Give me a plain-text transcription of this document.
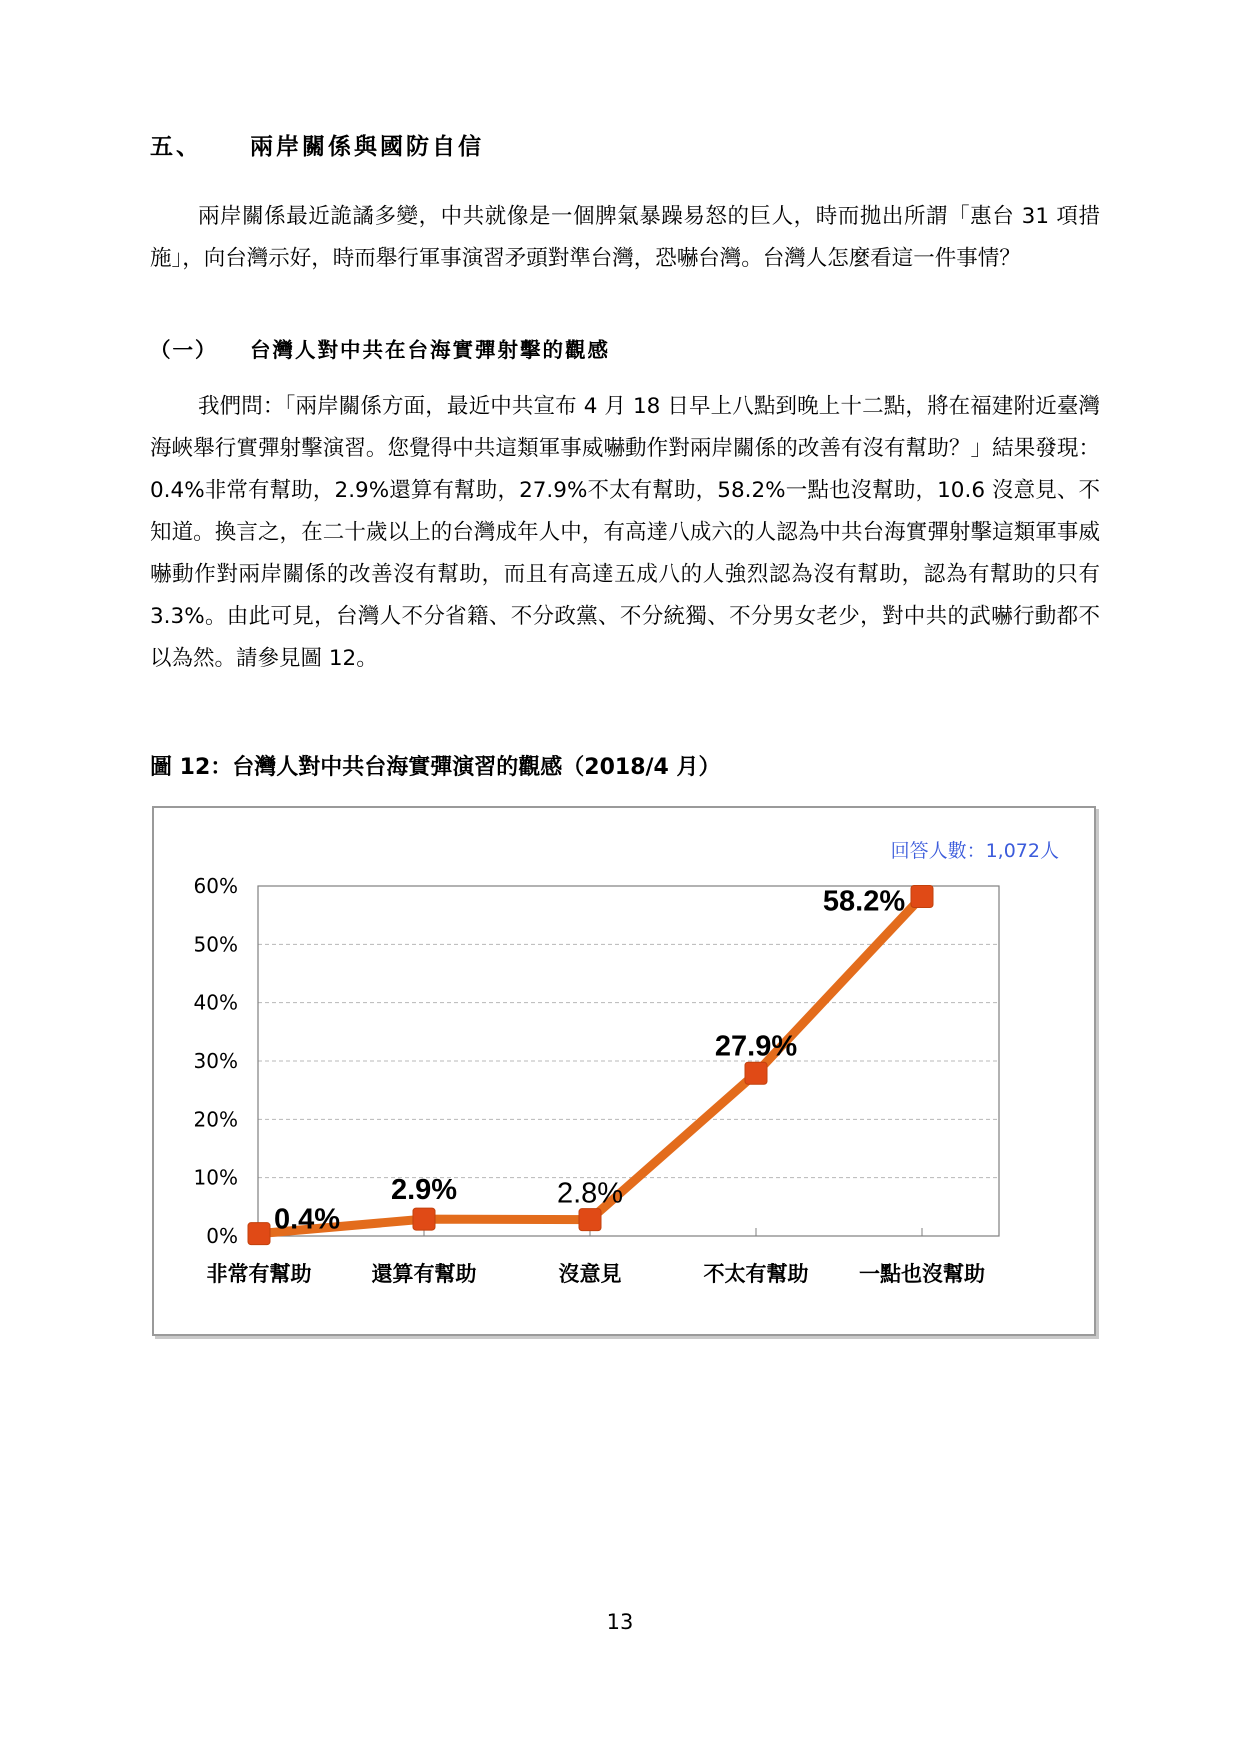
五、 兩岸關係與國防自信

兩岸關係最近詭譎多變，中共就像是一個脾氣暴躁易怒的巨人，時而拋出所謂「惠台 31 項措施」，向台灣示好，時而舉行軍事演習矛頭對準台灣，恐嚇台灣。台灣人怎麼看這一件事情？

（一） 台灣人對中共在台海實彈射擊的觀感

我們問：「兩岸關係方面，最近中共宣布 4 月 18 日早上八點到晚上十二點，將在福建附近臺灣海峽舉行實彈射擊演習。您覺得中共這類軍事威嚇動作對兩岸關係的改善有沒有幫助？」結果發現：0.4%非常有幫助，2.9%還算有幫助，27.9%不太有幫助，58.2%一點也沒幫助，10.6 沒意見、不知道。換言之，在二十歲以上的台灣成年人中，有高達八成六的人認為中共台海實彈射擊這類軍事威嚇動作對兩岸關係的改善沒有幫助，而且有高達五成八的人強烈認為沒有幫助，認為有幫助的只有 3.3%。由此可見，台灣人不分省籍、不分政黨、不分統獨、不分男女老少，對中共的武嚇行動都不以為然。請參見圖 12。

圖 12：台灣人對中共台海實彈演習的觀感（2018/4 月）
0%
10%
20%
30%
40%
50%
60%
非常有幫助	還算有幫助	沒意見	不太有幫助 一點也沒幫助
0.4%
2.9%	2.8%
27.9%
58.2%
回答人數：1,072人
13
